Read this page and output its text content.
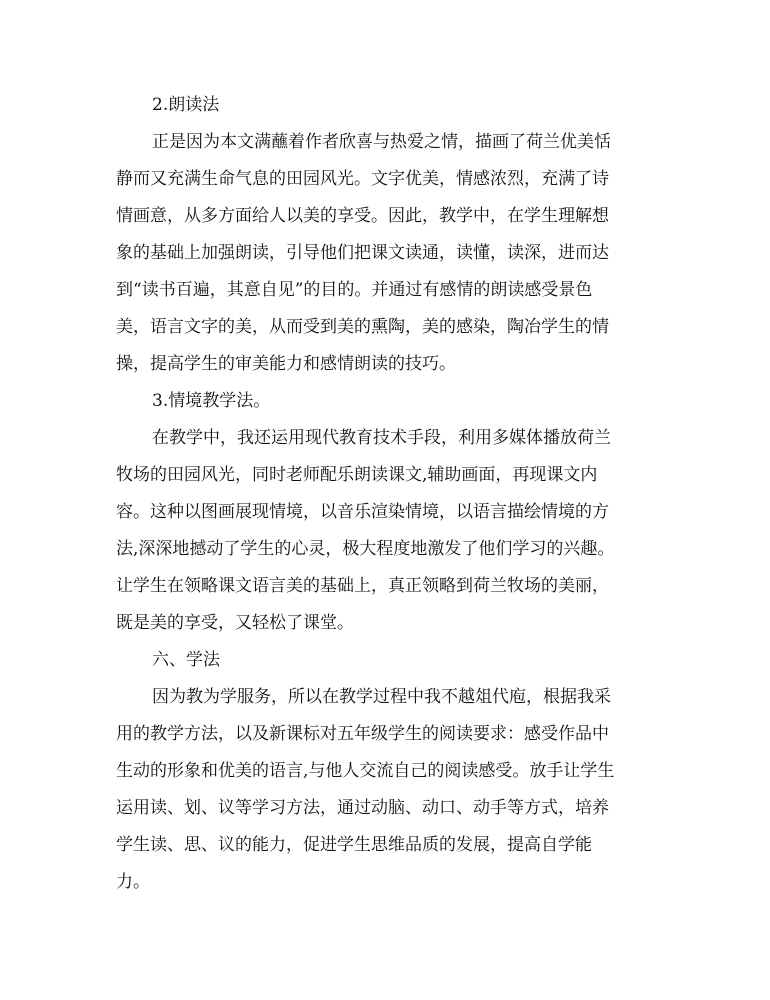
2.朗读法
正是因为本文满蘸着作者欣喜与热爱之情，描画了荷兰优美恬
静而又充满生命气息的田园风光。文字优美，情感浓烈，充满了诗
情画意，从多方面给人以美的享受。因此，教学中，在学生理解想
象的基础上加强朗读，引导他们把课文读通，读懂，读深，进而达
到“读书百遍，其意自见”的目的。并通过有感情的朗读感受景色
美，语言文字的美，从而受到美的熏陶，美的感染，陶冶学生的情
操，提高学生的审美能力和感情朗读的技巧。
3.情境教学法。
在教学中，我还运用现代教育技术手段，利用多媒体播放荷兰
牧场的田园风光，同时老师配乐朗读课文,辅助画面，再现课文内
容。这种以图画展现情境，以音乐渲染情境，以语言描绘情境的方
法,深深地撼动了学生的心灵，极大程度地激发了他们学习的兴趣。
让学生在领略课文语言美的基础上，真正领略到荷兰牧场的美丽，
既是美的享受，又轻松了课堂。
六、学法
因为教为学服务，所以在教学过程中我不越俎代庖，根据我采
用的教学方法，以及新课标对五年级学生的阅读要求：感受作品中
生动的形象和优美的语言,与他人交流自己的阅读感受。放手让学生
运用读、划、议等学习方法，通过动脑、动口、动手等方式，培养
学生读、思、议的能力，促进学生思维品质的发展，提高自学能
力。
